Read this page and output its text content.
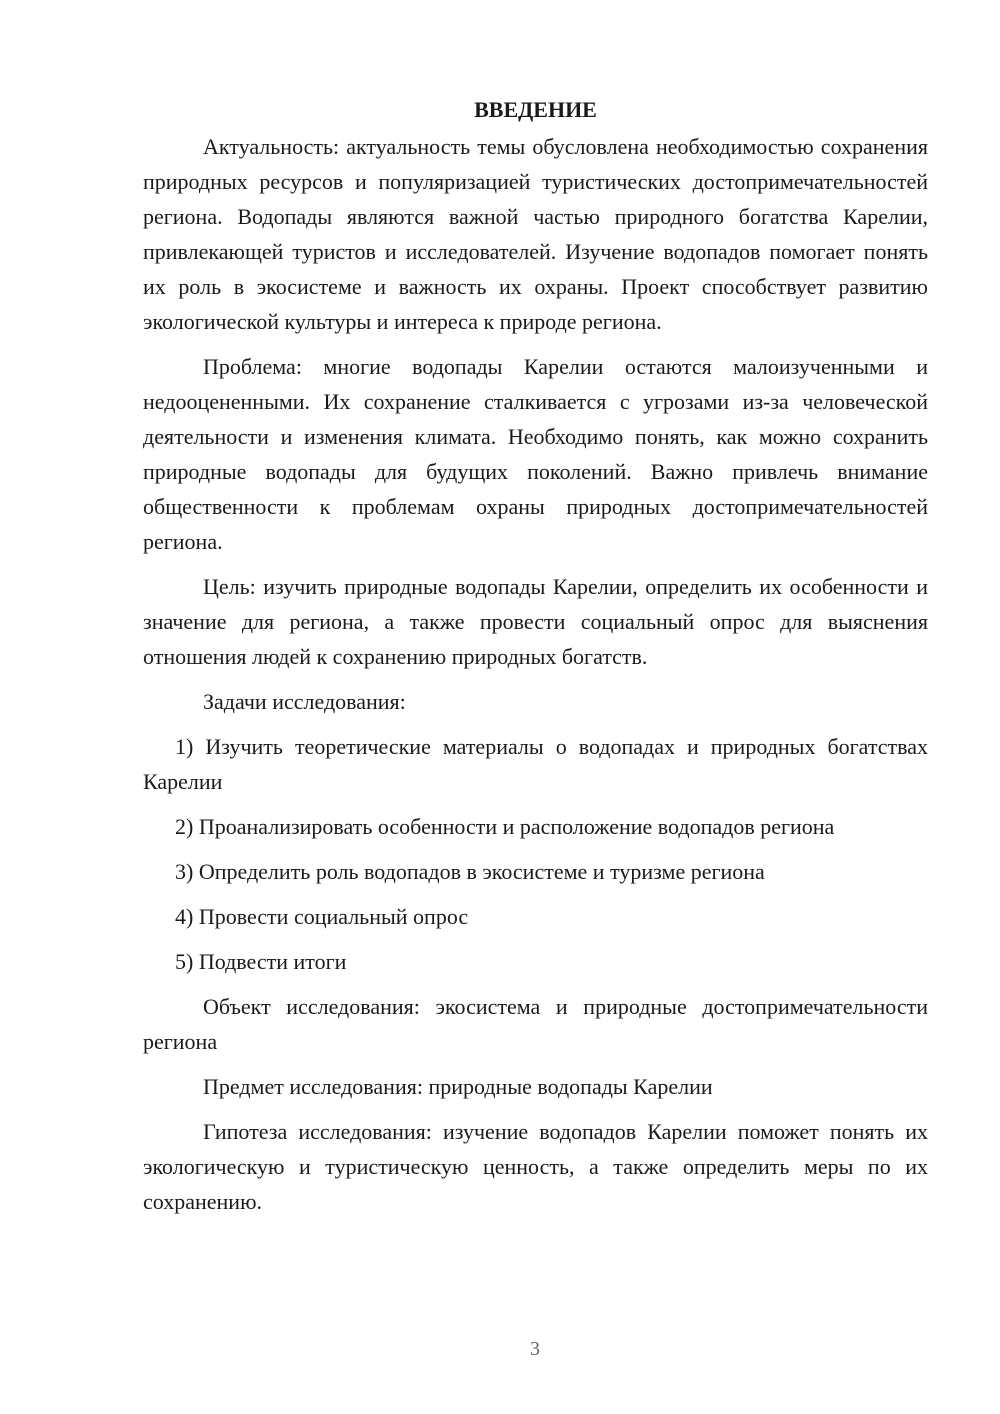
ВВЕДЕНИЕ

Актуальность: актуальность темы обусловлена необходимостью сохранения природных ресурсов и популяризацией туристических достопримечательностей региона. Водопады являются важной частью природного богатства Карелии, привлекающей туристов и исследователей. Изучение водопадов помогает понять их роль в экосистеме и важность их охраны. Проект способствует развитию экологической культуры и интереса к природе региона.

Проблема: многие водопады Карелии остаются малоизученными и недооцененными. Их сохранение сталкивается с угрозами из-за человеческой деятельности и изменения климата. Необходимо понять, как можно сохранить природные водопады для будущих поколений. Важно привлечь внимание общественности к проблемам охраны природных достопримечательностей региона.

Цель: изучить природные водопады Карелии, определить их особенности и значение для региона, а также провести социальный опрос для выяснения отношения людей к сохранению природных богатств.

Задачи исследования:

1) Изучить теоретические материалы о водопадах и природных богатствах Карелии

2) Проанализировать особенности и расположение водопадов региона

3) Определить роль водопадов в экосистеме и туризме региона

4) Провести социальный опрос

5) Подвести итоги

Объект исследования: экосистема и природные достопримечательности региона

Предмет исследования: природные водопады Карелии

Гипотеза исследования: изучение водопадов Карелии поможет понять их экологическую и туристическую ценность, а также определить меры по их сохранению.

3
